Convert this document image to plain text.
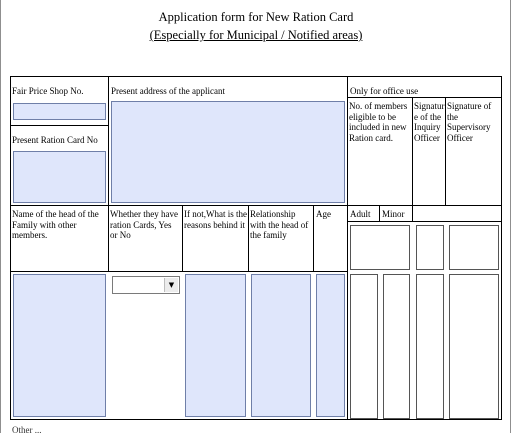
Application form for New Ration Card
(Especially for Municipal / Notified areas)
Fair Price Shop No.	Present address of the applicant	Only for office use
Present Ration Card No
No. of members eligible to be included in new Ration card.
Signature of the Inquiry Officer
Signature of the Supervisory Officer
Name of the head of the Family with other members.
Whether they have ration Cards, Yes or No
If not,What is the reasons behind it
Relationship with the head of the family
Age Adult Minor
▼
Other ...
